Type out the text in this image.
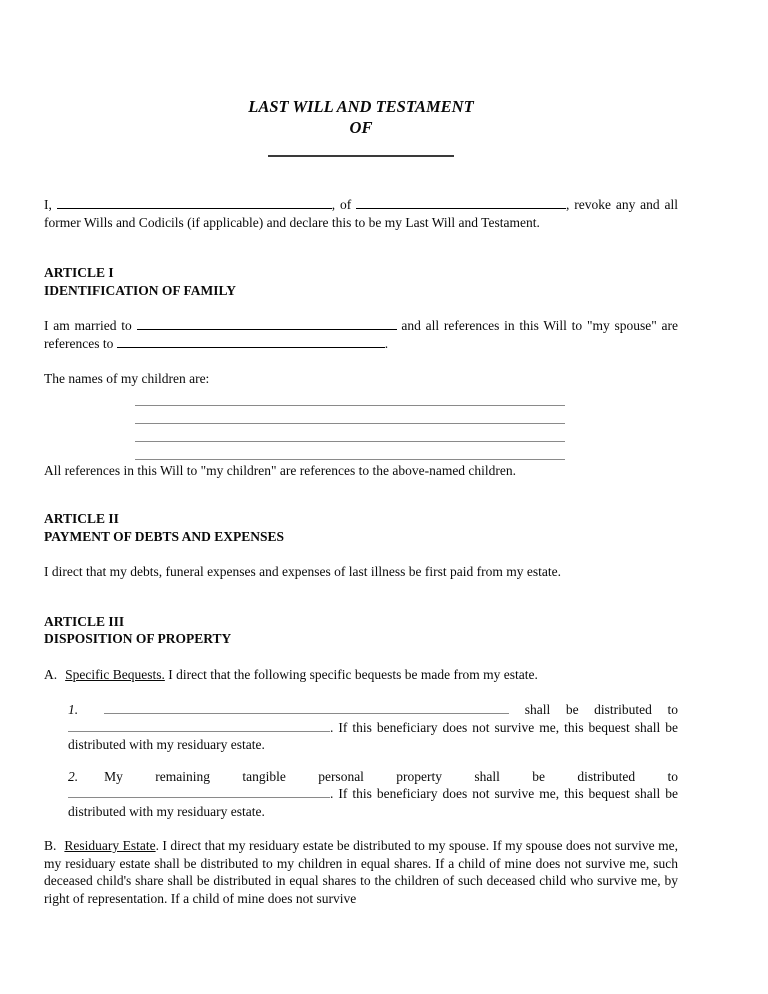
LAST WILL AND TESTAMENT
OF

I,	, of	, revoke any and all former Wills and Codicils (if applicable) and declare this to be my Last Will and Testament.

ARTICLE I
IDENTIFICATION OF FAMILY

I am married to	and all references in this Will to "my spouse" are references to	.

The names of my children are:

All references in this Will to "my children" are references to the above-named children.

ARTICLE II
PAYMENT OF DEBTS AND EXPENSES

I direct that my debts, funeral expenses and expenses of last illness be first paid from my estate.

ARTICLE III
DISPOSITION OF PROPERTY

A. Specific Bequests. I direct that the following specific bequests be made from my estate.

1.	shall be distributed to . If this beneficiary does not survive me, this bequest shall be distributed with my residuary estate.

2. My remaining tangible personal property shall be distributed to . If this beneficiary does not survive me, this bequest shall be distributed with my residuary estate.

B. Residuary Estate. I direct that my residuary estate be distributed to my spouse. If my spouse does not survive me, my residuary estate shall be distributed to my children in equal shares. If a child of mine does not survive me, such deceased child's share shall be distributed in equal shares to the children of such deceased child who survive me, by right of representation. If a child of mine does not survive
